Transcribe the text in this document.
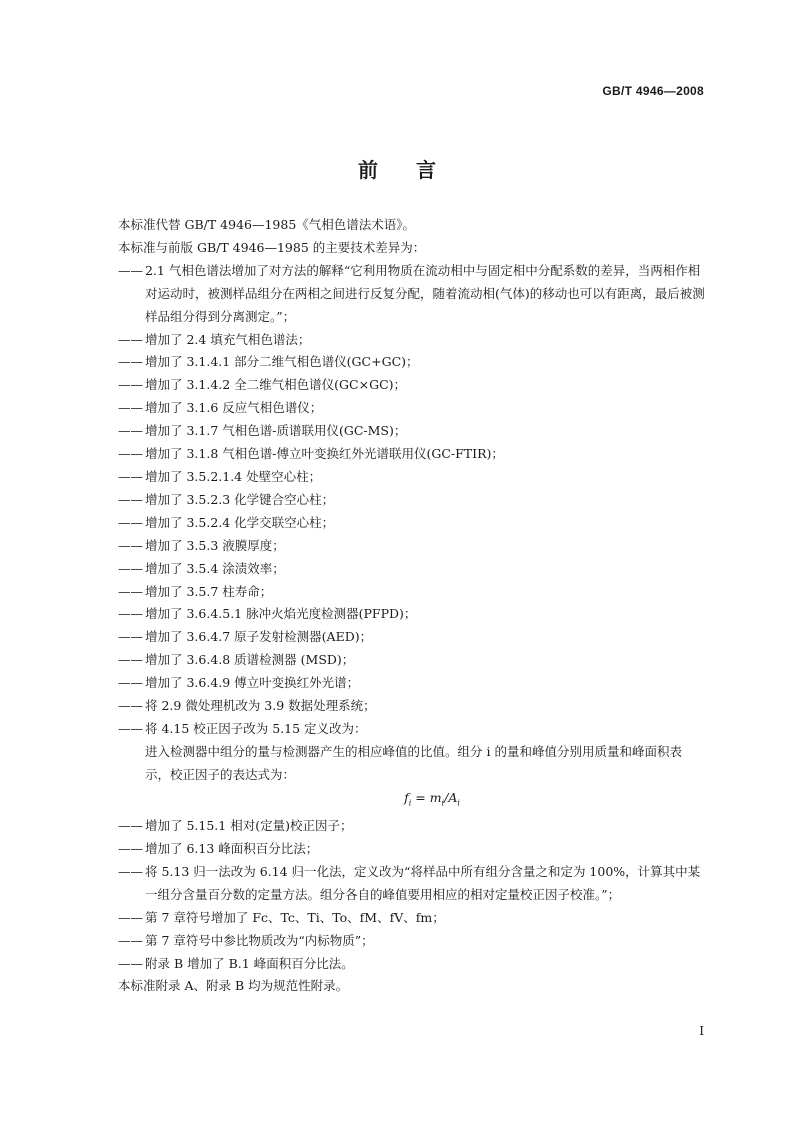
GB/T 4946—2008
前 言
本标准代替 GB/T 4946—1985《气相色谱法术语》。
本标准与前版 GB/T 4946—1985 的主要技术差异为：
—— 2.1 气相色谱法增加了对方法的解释“它利用物质在流动相中与固定相中分配系数的差异，当两相作相对运动时，被测样品组分在两相之间进行反复分配，随着流动相(气体)的移动也可以有距离，最后被测样品组分得到分离测定。”；
—— 增加了 2.4 填充气相色谱法；
—— 增加了 3.1.4.1 部分二维气相色谱仪(GC+GC)；
—— 增加了 3.1.4.2 全二维气相色谱仪(GC×GC)；
—— 增加了 3.1.6 反应气相色谱仪；
—— 增加了 3.1.7 气相色谱-质谱联用仪(GC-MS)；
—— 增加了 3.1.8 气相色谱-傅立叶变换红外光谱联用仪(GC-FTIR)；
—— 增加了 3.5.2.1.4 处壁空心柱；
—— 增加了 3.5.2.3 化学键合空心柱；
—— 增加了 3.5.2.4 化学交联空心柱；
—— 增加了 3.5.3 液膜厚度；
—— 增加了 3.5.4 涂渍效率；
—— 增加了 3.5.7 柱寿命；
—— 增加了 3.6.4.5.1 脉冲火焰光度检测器(PFPD)；
—— 增加了 3.6.4.7 原子发射检测器(AED)；
—— 增加了 3.6.4.8 质谱检测器 (MSD)；
—— 增加了 3.6.4.9 傅立叶变换红外光谱；
—— 将 2.9 微处理机改为 3.9 数据处理系统；
—— 将 4.15 校正因子改为 5.15 定义改为：
进入检测器中组分的量与检测器产生的相应峰值的比值。组分 i 的量和峰值分别用质量和峰面积表示，校正因子的表达式为：
$f_i = m_i/A_i$
—— 增加了 5.15.1 相对(定量)校正因子；
—— 增加了 6.13 峰面积百分比法；
—— 将 5.13 归一法改为 6.14 归一化法，定义改为“将样品中所有组分含量之和定为 100%，计算其中某一组分含量百分数的定量方法。组分各自的峰值要用相应的相对定量校正因子校准。”；
—— 第 7 章符号增加了 Fc、Tc、Ti、To、fM、fV、fm；
—— 第 7 章符号中参比物质改为“内标物质”；
—— 附录 B 增加了 B.1 峰面积百分比法。
本标准附录 A、附录 B 均为规范性附录。
I
